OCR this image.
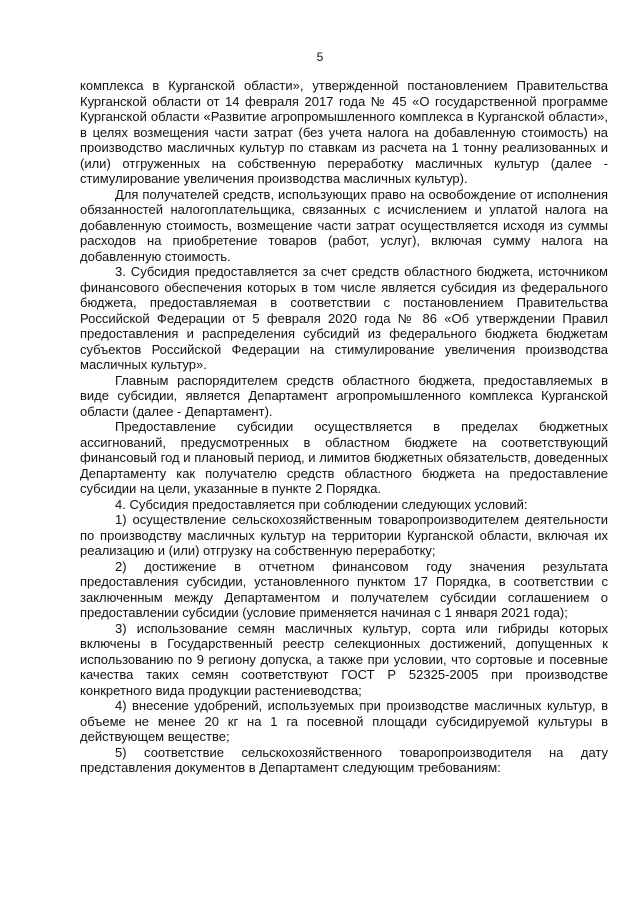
5

комплекса в Курганской области», утвержденной постановлением Правительства Курганской области от 14 февраля 2017 года № 45 «О государственной программе Курганской области «Развитие агропромышленного комплекса в Курганской области», в целях возмещения части затрат (без учета налога на добавленную стоимость) на производство масличных культур по ставкам из расчета на 1 тонну реализованных и (или) отгруженных на собственную переработку масличных культур (далее - стимулирование увеличения производства масличных культур).

Для получателей средств, использующих право на освобождение от исполнения обязанностей налогоплательщика, связанных с исчислением и уплатой налога на добавленную стоимость, возмещение части затрат осуществляется исходя из суммы расходов на приобретение товаров (работ, услуг), включая сумму налога на добавленную стоимость.

3. Субсидия предоставляется за счет средств областного бюджета, источником финансового обеспечения которых в том числе является субсидия из федерального бюджета, предоставляемая в соответствии с постановлением Правительства Российской Федерации от 5 февраля 2020 года № 86 «Об утверждении Правил предоставления и распределения субсидий из федерального бюджета бюджетам субъектов Российской Федерации на стимулирование увеличения производства масличных культур».

Главным распорядителем средств областного бюджета, предоставляемых в виде субсидии, является Департамент агропромышленного комплекса Курганской области (далее - Департамент).

Предоставление субсидии осуществляется в пределах бюджетных ассигнований, предусмотренных в областном бюджете на соответствующий финансовый год и плановый период, и лимитов бюджетных обязательств, доведенных Департаменту как получателю средств областного бюджета на предоставление субсидии на цели, указанные в пункте 2 Порядка.

4. Субсидия предоставляется при соблюдении следующих условий:

1) осуществление сельскохозяйственным товаропроизводителем деятельности по производству масличных культур на территории Курганской области, включая их реализацию и (или) отгрузку на собственную переработку;

2) достижение в отчетном финансовом году значения результата предоставления субсидии, установленного пунктом 17 Порядка, в соответствии с заключенным между Департаментом и получателем субсидии соглашением о предоставлении субсидии (условие применяется начиная с 1 января 2021 года);

3) использование семян масличных культур, сорта или гибриды которых включены в Государственный реестр селекционных достижений, допущенных к использованию по 9 региону допуска, а также при условии, что сортовые и посевные качества таких семян соответствуют ГОСТ Р 52325-2005 при производстве конкретного вида продукции растениеводства;

4) внесение удобрений, используемых при производстве масличных культур, в объеме не менее 20 кг на 1 га посевной площади субсидируемой культуры в действующем веществе;

5) соответствие сельскохозяйственного товаропроизводителя на дату представления документов в Департамент следующим требованиям:
